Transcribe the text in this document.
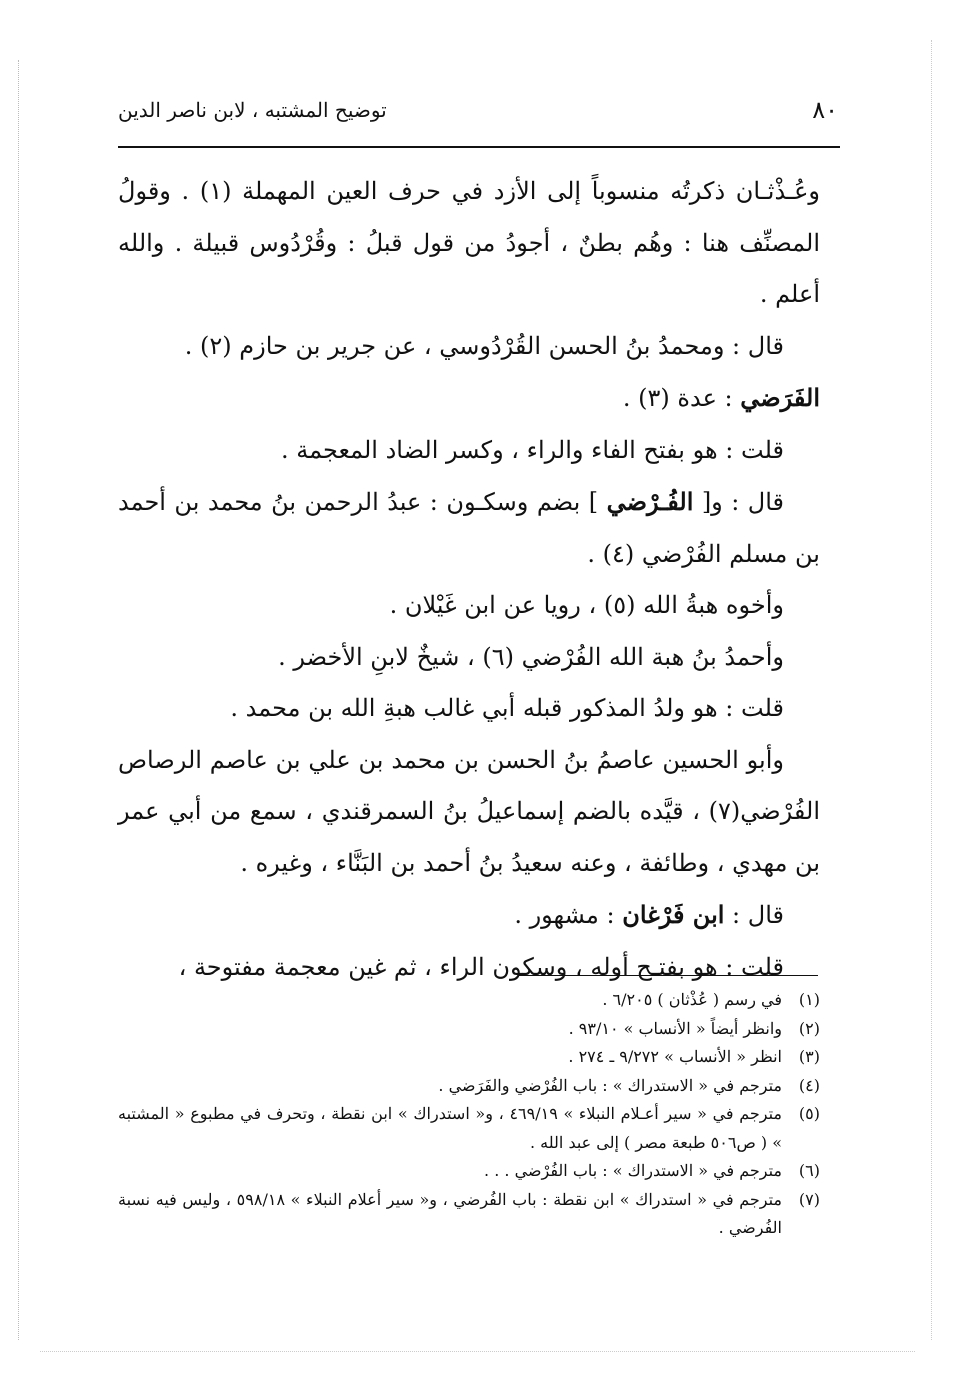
٨٠
توضيح المشتبه ، لابن ناصر الدين

وعُـذْثـان ذكرتُه منسوباً إلى الأزد في حرف العين المهملة (١) . وقولُ المصنِّف هنا : وهُم بطنٌ ، أجودُ من قول قبلُ : وقُرْدُوس قبيلة . والله أعلم .

قال : ومحمدُ بنُ الحسن القُرْدُوسي ، عن جرير بن حازم (٢) .

الفَرَضي : عدة (٣) .

قلت : هو بفتح الفاء والراء ، وكسر الضاد المعجمة .

قال : و[ الفُـرْضي ] بضم وسكـون : عبدُ الرحمن بنُ محمد بن أحمد بن مسلم الفُرْضي (٤) .

وأخوه هبةُ الله (٥) ، رويا عن ابن غَيْلان .

وأحمدُ بنُ هبة الله الفُرْضي (٦) ، شيخٌ لابنِ الأخضر .

قلت : هو ولدُ المذكور قبله أبي غالب هبةِ الله بن محمد .

وأبو الحسين عاصمُ بنُ الحسن بن محمد بن علي بن عاصم الرصاص الفُرْضي(٧) ، قيَّده بالضم إسماعيلُ بنُ السمرقندي ، سمع من أبي عمر بن مهدي ، وطائفة ، وعنه سعيدُ بنُ أحمد بن البَنَّاء ، وغيره .

قال : ابن فَرْغان : مشهور .

قلت : هو بفتـح أوله ، وسكون الراء ، ثم غين معجمة مفتوحة ،

(١)
في رسم ( عُذْثان ) ٦/٢٠٥ .
(٢)
وانظر أيضاً « الأنساب » ٩٣/١٠ .
(٣)
انظر « الأنساب » ٩/٢٧٢ ـ ٢٧٤ .
(٤)
مترجم في « الاستدراك » : باب الفُرْضي والفَرَضي .
(٥)
مترجم في « سير أعـلام النبلاء » ٤٦٩/١٩ ، و« استدراك » ابن نقطة ، وتحرف في مطبوع « المشتبه » ( ص٥٠٦ طبعة مصر ) إلى عبد الله .
(٦)
مترجم في « الاستدراك » : باب الفُرْضي . . .
(٧)
مترجم في « استدراك » ابن نقطة : باب الفُرضي ، و« سير أعلام النبلاء » ٥٩٨/١٨ ، وليس فيه نسبة الفُرضي .
